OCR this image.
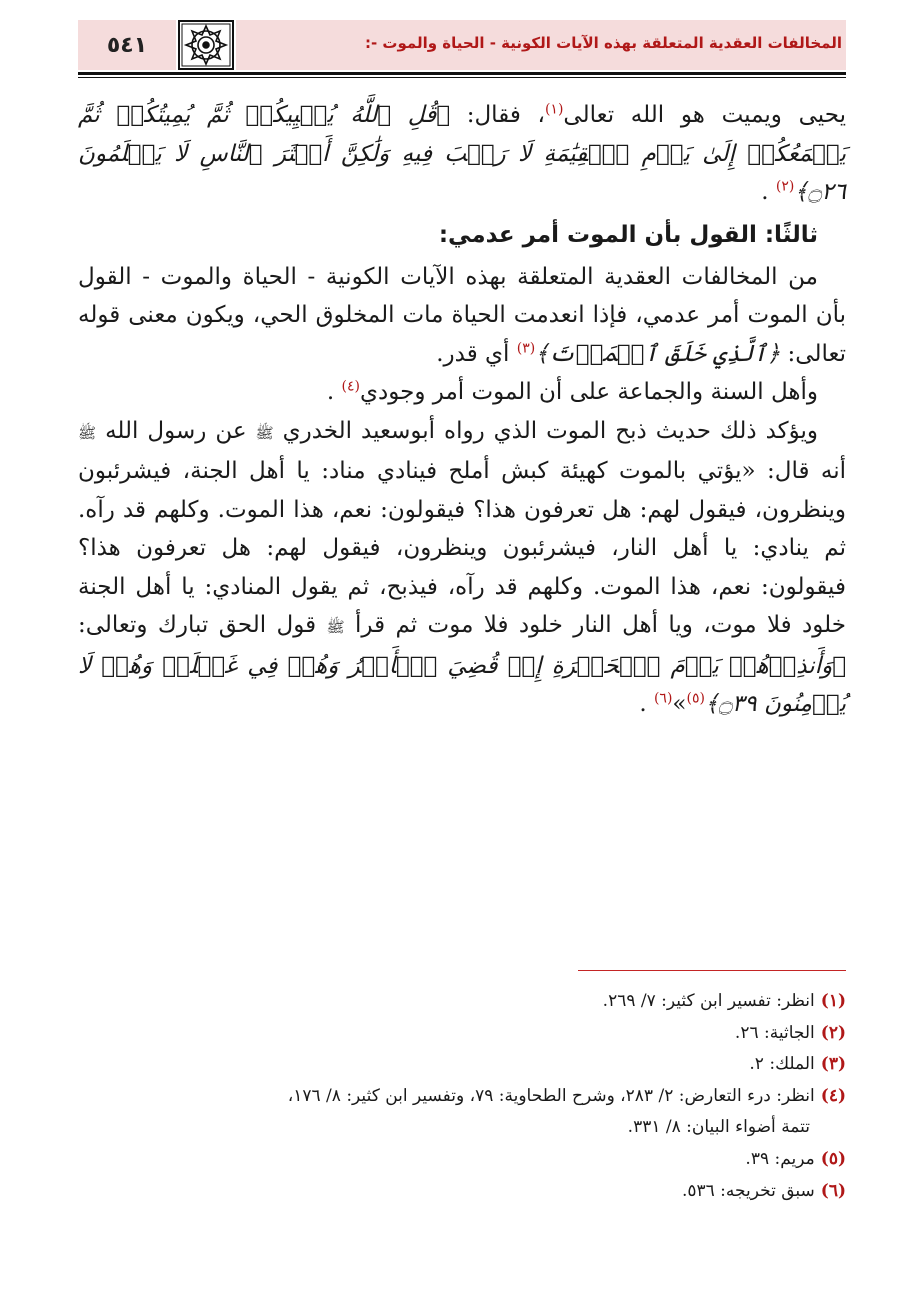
٥٤١	المخالفات العقدية المتعلقة بهذه الآيات الكونية - الحياة والموت -:

يحيى ويميت هو الله تعالى$^{(١)}$، فقال: ﴿قُلِ ٱللَّهُ يُحۡيِيكُمۡ ثُمَّ يُمِيتُكُمۡ ثُمَّ يَجۡمَعُكُمۡ إِلَىٰ يَوۡمِ ٱلۡقِيَٰمَةِ لَا رَيۡبَ فِيهِ وَلَٰكِنَّ أَكۡثَرَ ٱلنَّاسِ لَا يَعۡلَمُونَ ۝٢٦﴾$^{(٢)}$ .

ثالثًا: القول بأن الموت أمر عدمي:

من المخالفات العقدية المتعلقة بهذه الآيات الكونية - الحياة والموت - القول بأن الموت أمر عدمي، فإذا انعدمت الحياة مات المخلوق الحي، ويكون معنى قوله تعالى: ﴿ٱلَّذِي خَلَقَ ٱلۡمَوۡتَ﴾$^{(٣)}$ أي قدر.

وأهل السنة والجماعة على أن الموت أمر وجودي$^{(٤)}$ .

ويؤكد ذلك حديث ذبح الموت الذي رواه أبوسعيد الخدري ﷺ عن رسول الله ﷺ أنه قال: «يؤتي بالموت كهيئة كبش أملح فينادي مناد: يا أهل الجنة، فيشرئبون وينظرون، فيقول لهم: هل تعرفون هذا؟ فيقولون: نعم، هذا الموت. وكلهم قد رآه. ثم ينادي: يا أهل النار، فيشرئبون وينظرون، فيقول لهم: هل تعرفون هذا؟ فيقولون: نعم، هذا الموت. وكلهم قد رآه، فيذبح، ثم يقول المنادي: يا أهل الجنة خلود فلا موت، ويا أهل النار خلود فلا موت ثم قرأ ﷺ قول الحق تبارك وتعالى: ﴿وَأَنذِرۡهُمۡ يَوۡمَ ٱلۡحَسۡرَةِ إِذۡ قُضِيَ ٱلۡأَمۡرُ وَهُمۡ فِي غَفۡلَةٖ وَهُمۡ لَا يُؤۡمِنُونَ ۝٣٩﴾$^{(٥)}$»$^{(٦)}$ .

(١)انظر: تفسير ابن كثير: ٧/ ٢٦٩.

(٢)الجاثية: ٢٦.

(٣)الملك: ٢.

(٤)انظر: درء التعارض: ٢/ ٢٨٣، وشرح الطحاوية: ٧٩، وتفسير ابن كثير: ٨/ ١٧٦،

تتمة أضواء البيان: ٨/ ٣٣١.

(٥)مريم: ٣٩.

(٦)سبق تخريجه: ٥٣٦.
